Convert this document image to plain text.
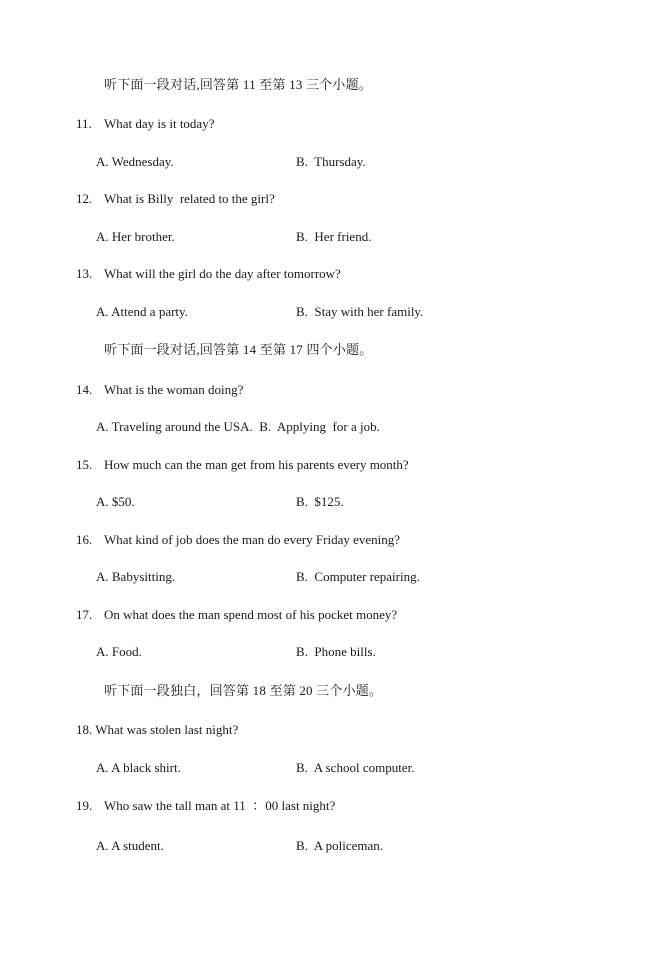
听下面一段对话,回答第 11 至第 13 三个小题。
11. What day is it today?
A. Wednesday.	B.  Thursday.
12. What is Billy  related to the girl?
A. Her brother.	B.  Her friend.
13. What will the girl do the day after tomorrow?
A. Attend a party.	B.  Stay with her family.
听下面一段对话,回答第 14 至第 17 四个小题。
14. What is the woman doing?
A. Traveling around the USA.  B.  Applying  for a job.
15. How much can the man get from his parents every month?
A. $50.	B.  $125.
16. What kind of job does the man do every Friday evening?
A. Babysitting.	B.  Computer repairing.
17. On what does the man spend most of his pocket money?
A. Food.	B.  Phone bills.
听下面一段独白，回答第 18 至第 20 三个小题。
18. What was stolen last night?
A. A black shirt.	B.  A school computer.
19. Who saw the tall man at 11  ：00 last night?
A. A student.	B.  A policeman.
